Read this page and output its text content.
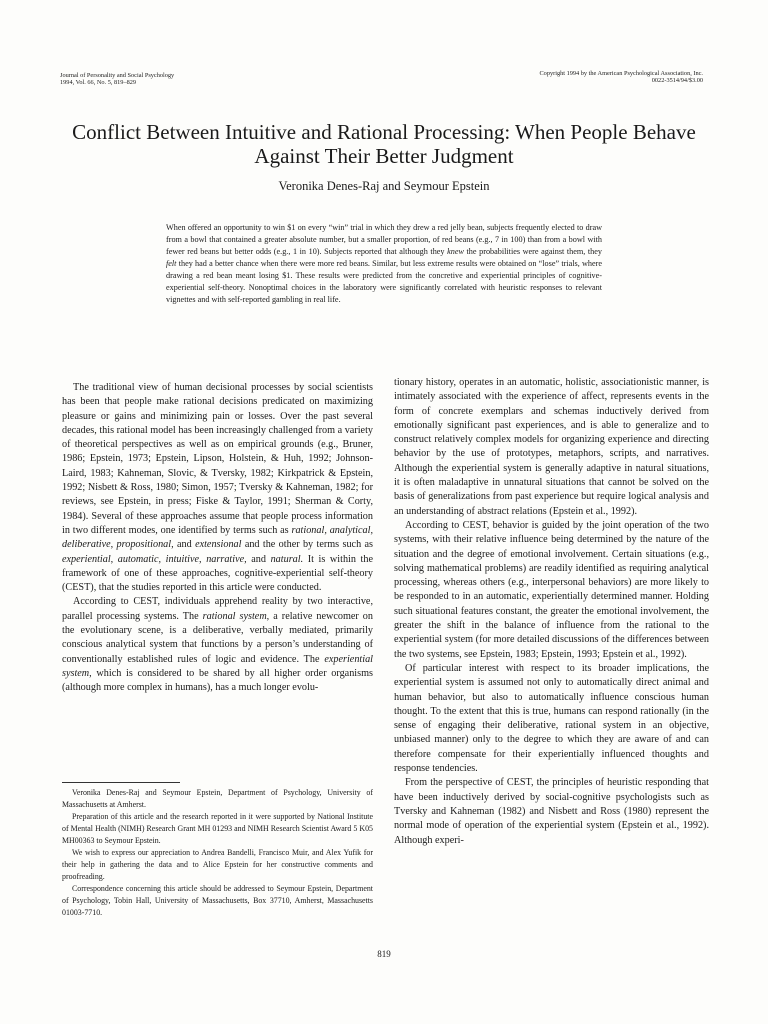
Journal of Personality and Social Psychology
1994, Vol. 66, No. 5, 819–829
Copyright 1994 by the American Psychological Association, Inc.
0022-3514/94/$3.00
Conflict Between Intuitive and Rational Processing: When People Behave
Against Their Better Judgment
Veronika Denes-Raj and Seymour Epstein
When offered an opportunity to win $1 on every “win” trial in which they drew a red jelly bean, subjects frequently elected to draw from a bowl that contained a greater absolute number, but a smaller proportion, of red beans (e.g., 7 in 100) than from a bowl with fewer red beans but better odds (e.g., 1 in 10). Subjects reported that although they knew the probabilities were against them, they felt they had a better chance when there were more red beans. Similar, but less extreme results were obtained on “lose” trials, where drawing a red bean meant losing $1. These results were predicted from the concretive and experiential principles of cognitive-experiential self-theory. Nonoptimal choices in the laboratory were significantly correlated with heuristic responses to relevant vignettes and with self-reported gambling in real life.

The traditional view of human decisional processes by social scientists has been that people make rational decisions predicated on maximizing pleasure or gains and minimizing pain or losses. Over the past several decades, this rational model has been increasingly challenged from a variety of theoretical perspectives as well as on empirical grounds (e.g., Bruner, 1986; Epstein, 1973; Epstein, Lipson, Holstein, & Huh, 1992; Johnson-Laird, 1983; Kahneman, Slovic, & Tversky, 1982; Kirkpatrick & Epstein, 1992; Nisbett & Ross, 1980; Simon, 1957; Tversky & Kahneman, 1982; for reviews, see Epstein, in press; Fiske & Taylor, 1991; Sherman & Corty, 1984). Several of these approaches assume that people process information in two different modes, one identified by terms such as rational, analytical, deliberative, propositional, and extensional and the other by terms such as experiential, automatic, intuitive, narrative, and natural. It is within the framework of one of these approaches, cognitive-experiential self-theory (CEST), that the studies reported in this article were conducted.

According to CEST, individuals apprehend reality by two interactive, parallel processing systems. The rational system, a relative newcomer on the evolutionary scene, is a deliberative, verbally mediated, primarily conscious analytical system that functions by a person’s understanding of conventionally established rules of logic and evidence. The experiential system, which is considered to be shared by all higher order organisms (although more complex in humans), has a much longer evolu-

tionary history, operates in an automatic, holistic, associationistic manner, is intimately associated with the experience of affect, represents events in the form of concrete exemplars and schemas inductively derived from emotionally significant past experiences, and is able to generalize and to construct relatively complex models for organizing experience and directing behavior by the use of prototypes, metaphors, scripts, and narratives. Although the experiential system is generally adaptive in natural situations, it is often maladaptive in unnatural situations that cannot be solved on the basis of generalizations from past experience but require logical analysis and an understanding of abstract relations (Epstein et al., 1992).

According to CEST, behavior is guided by the joint operation of the two systems, with their relative influence being determined by the nature of the situation and the degree of emotional involvement. Certain situations (e.g., solving mathematical problems) are readily identified as requiring analytical processing, whereas others (e.g., interpersonal behaviors) are more likely to be responded to in an automatic, experientially determined manner. Holding such situational features constant, the greater the emotional involvement, the greater the shift in the balance of influence from the rational to the experiential system (for more detailed discussions of the differences between the two systems, see Epstein, 1983; Epstein, 1993; Epstein et al., 1992).

Of particular interest with respect to its broader implications, the experiential system is assumed not only to automatically direct animal and human behavior, but also to automatically influence conscious human thought. To the extent that this is true, humans can respond rationally (in the sense of engaging their deliberative, rational system in an objective, unbiased manner) only to the degree to which they are aware of and can therefore compensate for their experientially influenced thoughts and response tendencies.

From the perspective of CEST, the principles of heuristic responding that have been inductively derived by social-cognitive psychologists such as Tversky and Kahneman (1982) and Nisbett and Ross (1980) represent the normal mode of operation of the experiential system (Epstein et al., 1992). Although experi-

Veronika Denes-Raj and Seymour Epstein, Department of Psychology, University of Massachusetts at Amherst.

Preparation of this article and the research reported in it were supported by National Institute of Mental Health (NIMH) Research Grant MH 01293 and NIMH Research Scientist Award 5 K05 MH00363 to Seymour Epstein.

We wish to express our appreciation to Andrea Bandelli, Francisco Muir, and Alex Yufik for their help in gathering the data and to Alice Epstein for her constructive comments and proofreading.

Correspondence concerning this article should be addressed to Seymour Epstein, Department of Psychology, Tobin Hall, University of Massachusetts, Box 37710, Amherst, Massachusetts 01003-7710.

819
